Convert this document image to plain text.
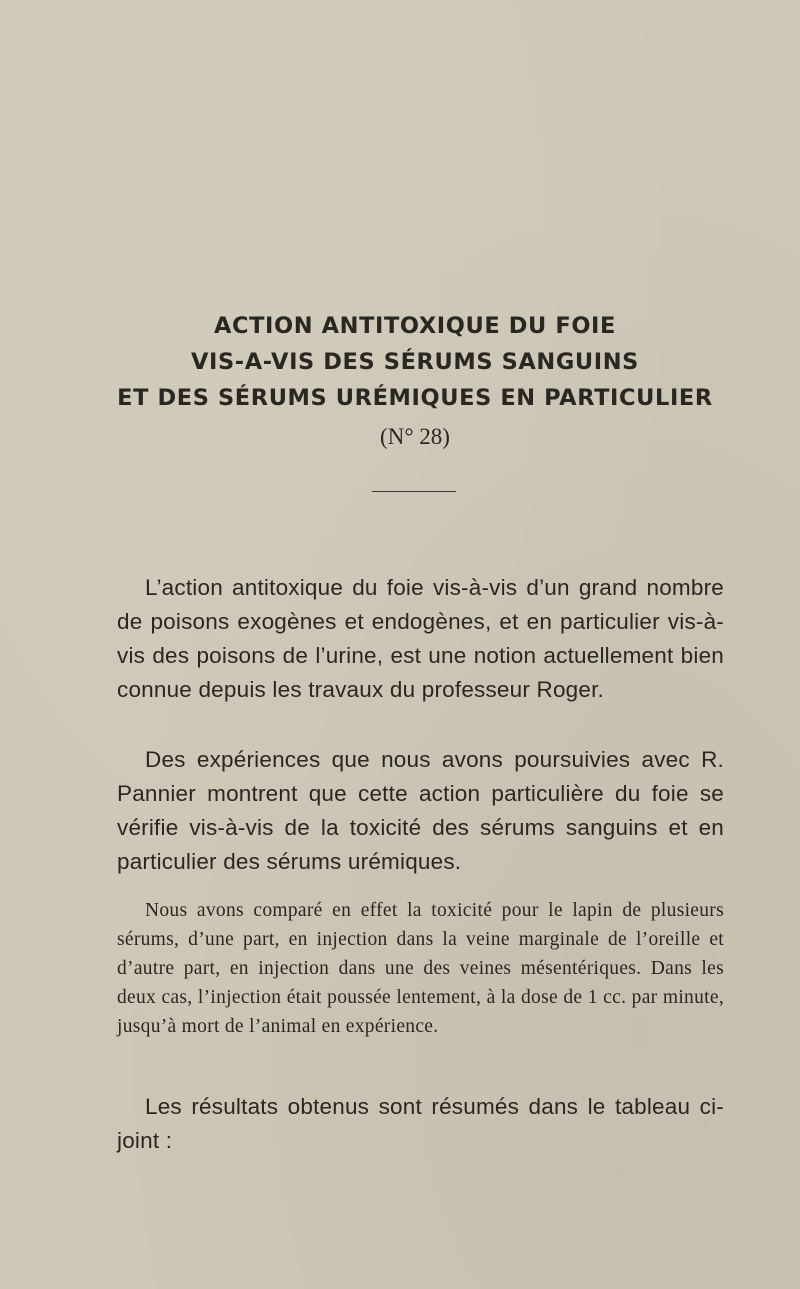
ACTION ANTITOXIQUE DU FOIE

VIS-A-VIS DES SÉRUMS SANGUINS

ET DES SÉRUMS URÉMIQUES EN PARTICULIER

(N° 28)

L’action antitoxique du foie vis-à-vis d’un grand nombre de poisons exogènes et endogènes, et en particulier vis-à-vis des poisons de l’urine, est une notion actuellement bien connue depuis les travaux du professeur Roger.

Des expériences que nous avons poursuivies avec R. Pannier montrent que cette action particulière du foie se vérifie vis-à-vis de la toxicité des sérums sanguins et en particulier des sérums urémiques.

Nous avons comparé en effet la toxicité pour le lapin de plusieurs sérums, d’une part, en injection dans la veine marginale de l’oreille et d’autre part, en injection dans une des veines mésentériques. Dans les deux cas, l’injection était poussée lentement, à la dose de 1 cc. par minute, jusqu’à mort de l’animal en expérience.

Les résultats obtenus sont résumés dans le tableau ci-joint :
